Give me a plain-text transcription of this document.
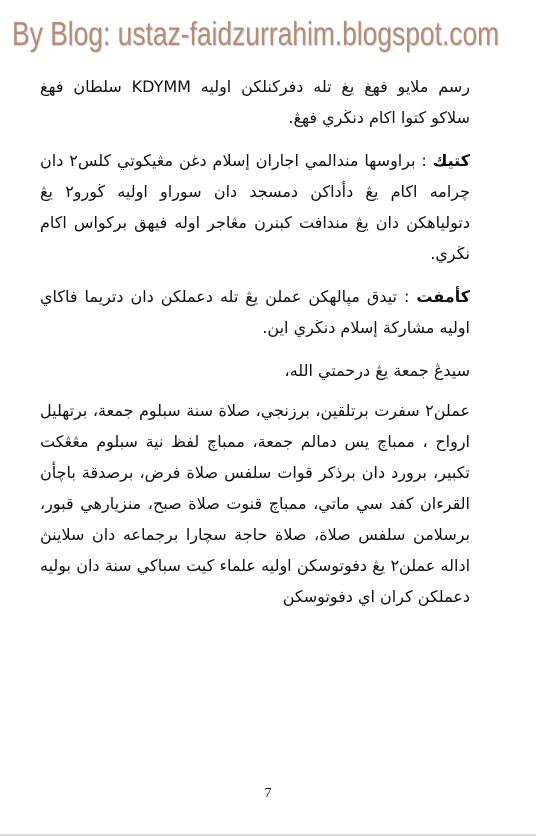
By Blog: ustaz-faidzurrahim.blogspot.com

رسم ملايو فهغ يغ تله دفركنلكن اوليه KDYMM سلطان فهغ سلاكو كتوا اکام دنڬري فهڠ.

كتيك : براوسها مندالمي اجاران إسلام دغن مڠيكوتي كلس٢ دان چرامه اکام يڠ دأداكن دمسجد دان سوراو اوليه ڬورو٢ يڠ دتولياهكن دان يڠ مندافت كبنرن مڠاجر اوله فيهق بركواس اکام نڬري.

كأمفت : تيدق مپالهكن عملن يڠ تله دعملكن دان دتريما فاكاي اوليه مشاركة إسلام دنڬري اين.

سيدڠ جمعة يڠ درحمتي الله،

عملن٢ سفرت برتلقين، برزنجي، صلاة سنة سبلوم جمعة، برتهليل ارواح ، ممباچ يس دمالم جمعة، ممباچ لفظ نية سبلوم مڠڠكت تكبير، برورد دان برذكر قوات سلفس صلاة فرض، برصدقة باچأن القرءان كفد سي ماتي، ممباچ قنوت صلاة صبح، منزيارهي قبور، برسلامن سلفس صلاة، صلاة حاجة سچارا برجماعه دان سلاينڽ اداله عملن٢ يڠ دفوتوسكن اوليه علماء كيت سباكي سنة دان بوليه دعملكن كران اي دفوتوسكن

7
